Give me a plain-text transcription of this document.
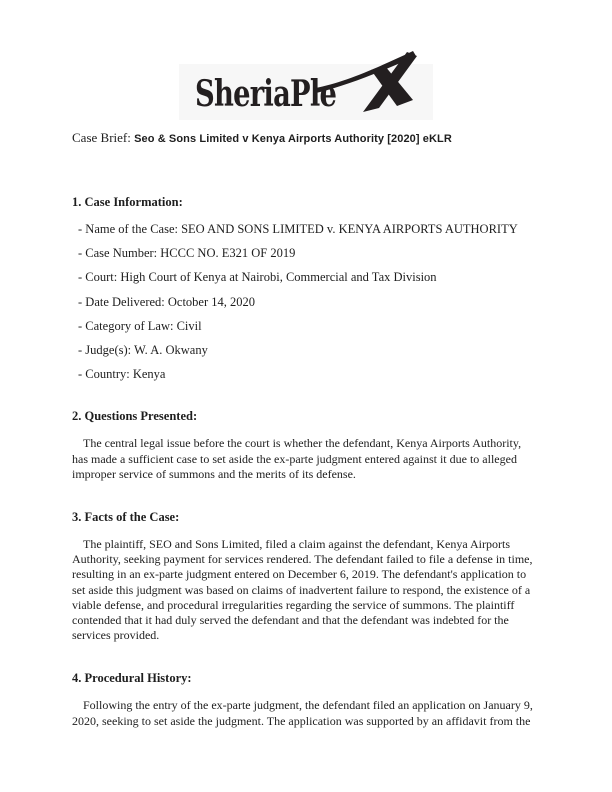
SheriaPle
Case Brief: Seo & Sons Limited v Kenya Airports Authority [2020] eKLR
1. Case Information:
- Name of the Case: SEO AND SONS LIMITED v. KENYA AIRPORTS AUTHORITY
- Case Number: HCCC NO. E321 OF 2019
- Court: High Court of Kenya at Nairobi, Commercial and Tax Division
- Date Delivered: October 14, 2020
- Category of Law: Civil
- Judge(s): W. A. Okwany
- Country: Kenya
2. Questions Presented:

The central legal issue before the court is whether the defendant, Kenya Airports Authority, has made a sufficient case to set aside the ex-parte judgment entered against it due to alleged improper service of summons and the merits of its defense.

3. Facts of the Case:

The plaintiff, SEO and Sons Limited, filed a claim against the defendant, Kenya Airports Authority, seeking payment for services rendered. The defendant failed to file a defense in time, resulting in an ex-parte judgment entered on December 6, 2019. The defendant's application to set aside this judgment was based on claims of inadvertent failure to respond, the existence of a viable defense, and procedural irregularities regarding the service of summons. The plaintiff contended that it had duly served the defendant and that the defendant was indebted for the services provided.

4. Procedural History:

Following the entry of the ex-parte judgment, the defendant filed an application on January 9, 2020, seeking to set aside the judgment. The application was supported by an affidavit from the
